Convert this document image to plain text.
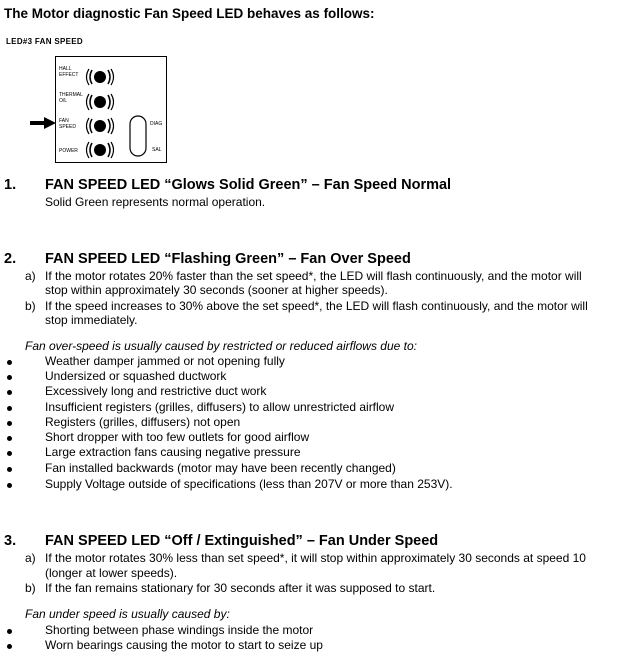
The Motor diagnostic Fan Speed LED behaves as follows:
LED#3 FAN SPEED
HALL EFFECT
THERMAL O/L
FAN SPEED
POWER
DIAG
SAL
1. FAN SPEED LED “Glows Solid Green” – Fan Speed Normal
Solid Green represents normal operation.
2. FAN SPEED LED “Flashing Green” – Fan Over Speed
a) If the motor rotates 20% faster than the set speed*, the LED will flash continuously, and the motor will
stop within approximately 30 seconds (sooner at higher speeds).
b) If the speed increases to 30% above the set speed*, the LED will flash continuously, and the motor will
stop immediately.
Fan over-speed is usually caused by restricted or reduced airflows due to:
Weather damper jammed or not opening fully
Undersized or squashed ductwork
Excessively long and restrictive duct work
Insufficient registers (grilles, diffusers) to allow unrestricted airflow
Registers (grilles, diffusers) not open
Short dropper with too few outlets for good airflow
Large extraction fans causing negative pressure
Fan installed backwards (motor may have been recently changed)
Supply Voltage outside of specifications (less than 207V or more than 253V).
3. FAN SPEED LED “Off / Extinguished” – Fan Under Speed
a) If the motor rotates 30% less than set speed*, it will stop within approximately 30 seconds at speed 10
(longer at lower speeds).
b) If the fan remains stationary for 30 seconds after it was supposed to start.
Fan under speed is usually caused by:
Shorting between phase windings inside the motor
Worn bearings causing the motor to start to seize up
